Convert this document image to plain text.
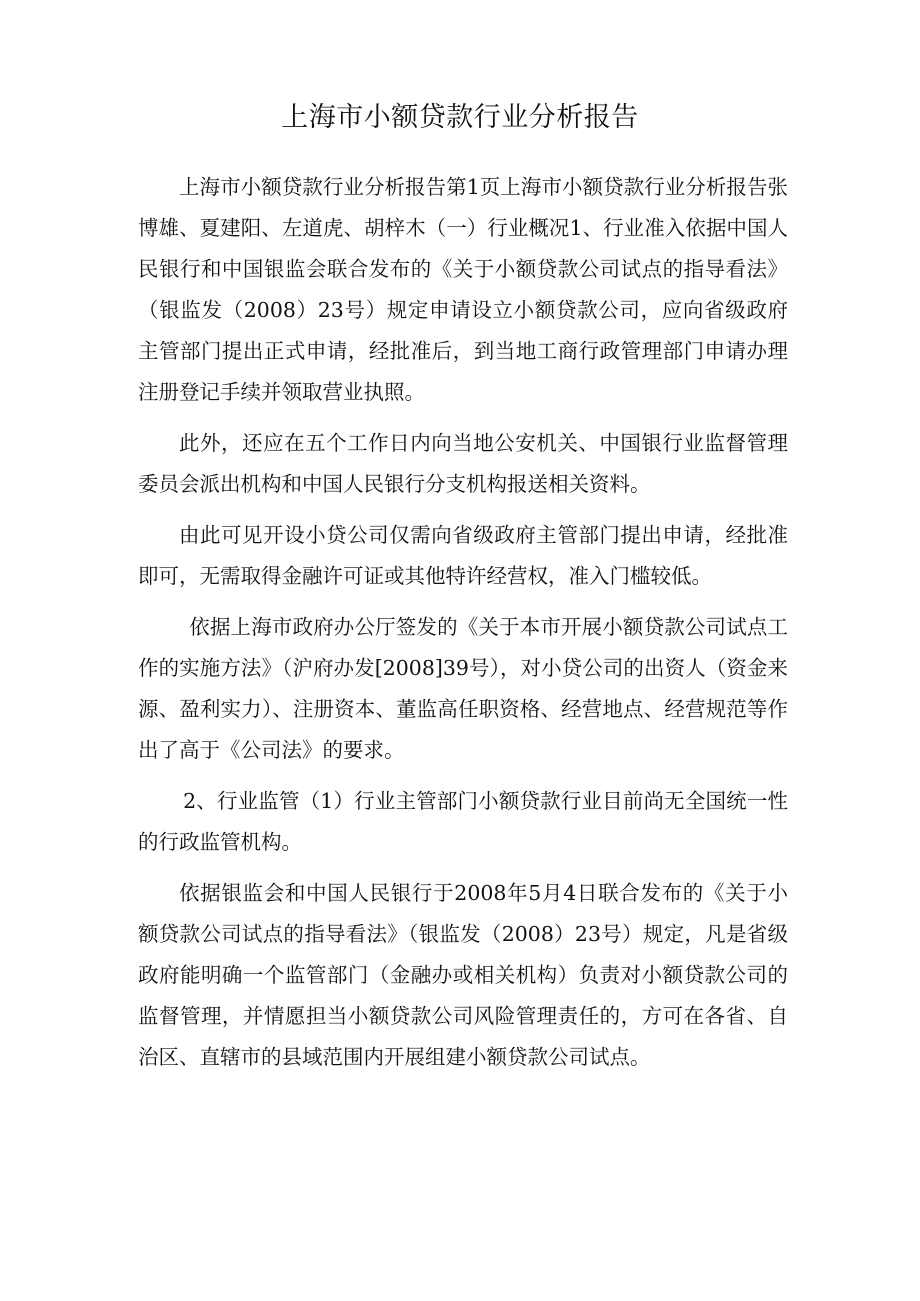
上海市小额贷款行业分析报告

上海市小额贷款行业分析报告第1页上海市小额贷款行业分析报告张博雄、夏建阳、左道虎、胡梓木（一）行业概况1、行业准入依据中国人民银行和中国银监会联合发布的《关于小额贷款公司试点的指导看法》（银监发（2008）23号）规定申请设立小额贷款公司，应向省级政府主管部门提出正式申请，经批准后，到当地工商行政管理部门申请办理注册登记手续并领取营业执照。

此外，还应在五个工作日内向当地公安机关、中国银行业监督管理委员会派出机构和中国人民银行分支机构报送相关资料。

由此可见开设小贷公司仅需向省级政府主管部门提出申请，经批准即可，无需取得金融许可证或其他特许经营权，准入门槛较低。

依据上海市政府办公厅签发的《关于本市开展小额贷款公司试点工作的实施方法》（沪府办发[2008]39号），对小贷公司的出资人（资金来源、盈利实力）、注册资本、董监高任职资格、经营地点、经营规范等作出了高于《公司法》的要求。

2、行业监管（1）行业主管部门小额贷款行业目前尚无全国统一性的行政监管机构。

依据银监会和中国人民银行于2008年5月4日联合发布的《关于小额贷款公司试点的指导看法》（银监发（2008）23号）规定，凡是省级政府能明确一个监管部门（金融办或相关机构）负责对小额贷款公司的监督管理，并情愿担当小额贷款公司风险管理责任的，方可在各省、自治区、直辖市的县域范围内开展组建小额贷款公司试点。
